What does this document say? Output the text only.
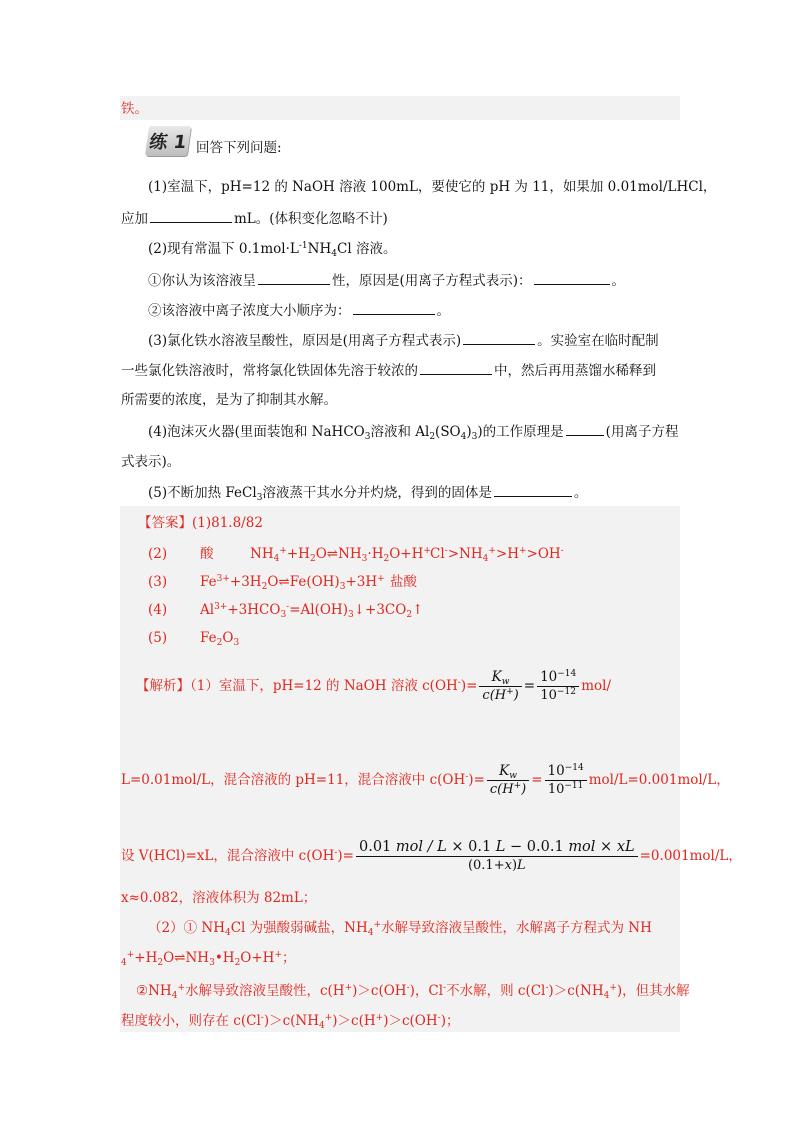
铁。
练 1 回答下列问题:
(1)室温下，pH=12 的 NaOH 溶液 100mL，要使它的 pH 为 11，如果加 0.01mol/LHCl，
应加	mL。(体积变化忽略不计)
(2)现有常温下 $0.1mol\cdot L^{-1}NH_4Cl$ 溶液。
①你认为该溶液呈	性，原因是(用离子方程式表示)：	。
②该溶液中离子浓度大小顺序为：	。
(3)氯化铁水溶液呈酸性，原因是(用离子方程式表示)	。实验室在临时配制
一些氯化铁溶液时，常将氯化铁固体先溶于较浓的	中，然后再用蒸馏水稀释到
所需要的浓度，是为了抑制其水解。
(4)泡沫灭火器(里面装饱和 NaHCO$_3$溶液和 $Al_2(SO_4)_3$)的工作原理是	(用离子方程
式表示)。
(5)不断加热 FeCl$_3$溶液蒸干其水分并灼烧，得到的固体是	。
【答案】(1)81.8/82
(2) 酸	$NH_4^++H_2O\rightleftharpoons NH_3\cdot H_2O+H^+$ $Cl^->NH_4^+>H^+>OH^-$
(3) $Fe^{3+}+3H_2O\rightleftharpoons Fe(OH)_3+3H^+$ 盐酸
(4) $Al^{3+}+3HCO_3^-=Al(OH)_3↓+3CO_2↑$
(5) $Fe_2O_3$
【解析】（1）室温下，pH=12 的 NaOH 溶液 $c(OH^-)= \frac{K_w}{c(H^+)} = \frac{10^{-14}}{10^{-12}} mol/$
L=0.01mol/L，混合溶液的 pH=11，混合溶液中 $c(OH^-)= \frac{K_w}{c(H^+)} = \frac{10^{-14}}{10^{-11}} mol/L=0.001mol/L$，
设 V(HCl)=xL，混合溶液中 $c(OH^-)= \frac{\text{0.01 mol / L × 0.1 L − 0.0.1 mol × xL}}{(0.1+x)L} =0.001mol/L$，
x≈0.082，溶液体积为 82mL；
（2）① $NH_4Cl$ 为强酸弱碱盐，$NH_4^+$水解导致溶液呈酸性，水解离子方程式为 NH
$_4^++H_2O\rightleftharpoons NH_3•H_2O+H^+$；
$②NH_4^+$水解导致溶液呈酸性，c(H+)＞c(OH-)，Cl-不水解，则 $c(Cl^-)>c(NH_4^+)$，但其水解
程度较小，则存在 $c(Cl^-)>c(NH_4^+)>c(H^+)>c(OH^-)$；
